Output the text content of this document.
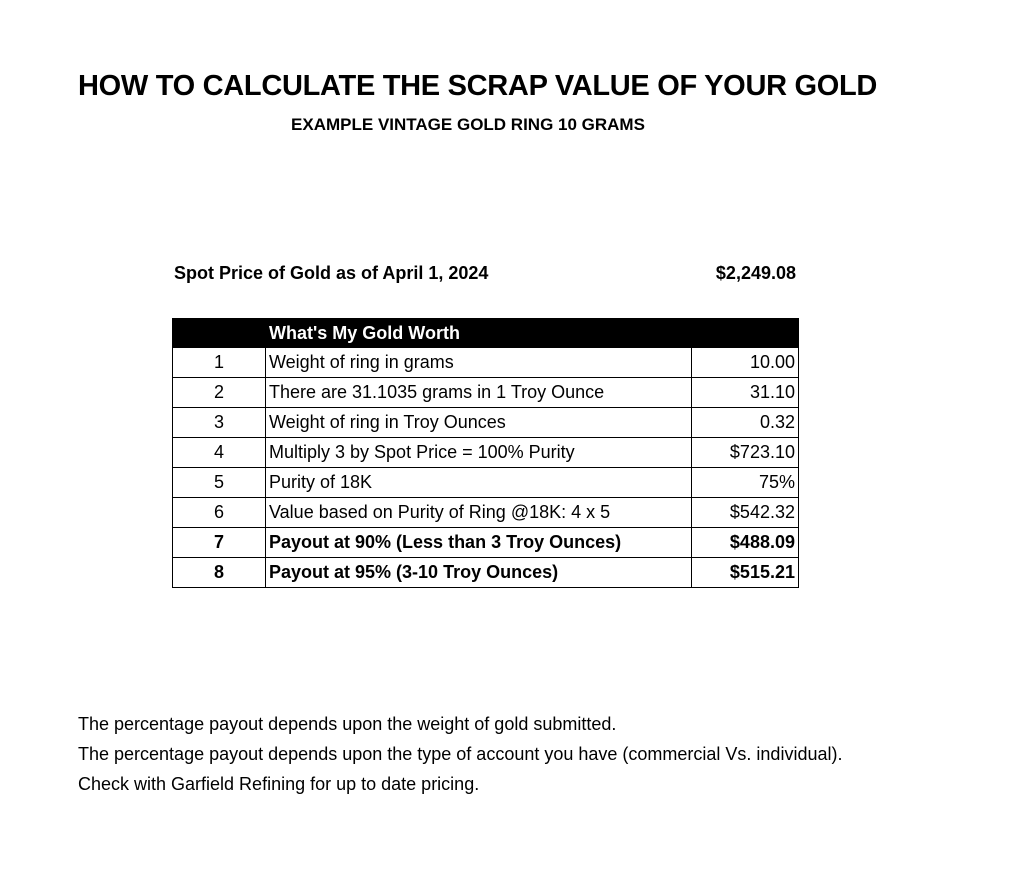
HOW TO CALCULATE THE SCRAP VALUE OF YOUR GOLD
EXAMPLE VINTAGE GOLD RING 10 GRAMS
Spot Price of Gold as of April 1, 2024	$2,249.08
	What's My Gold Worth	
1	Weight of ring in grams	10.00
2	There are 31.1035 grams in 1 Troy Ounce	31.10
3	Weight of ring in Troy Ounces	0.32
4	Multiply 3 by Spot Price = 100% Purity	$723.10
5	Purity of 18K	75%
6	Value based on Purity of Ring @18K: 4 x 5	$542.32
7	Payout at 90% (Less than 3 Troy Ounces)	$488.09
8	Payout at 95% (3-10 Troy Ounces)	$515.21

The percentage payout depends upon the weight of gold submitted.

The percentage payout depends upon the type of account you have (commercial Vs. individual).

Check with Garfield Refining for up to date pricing.
